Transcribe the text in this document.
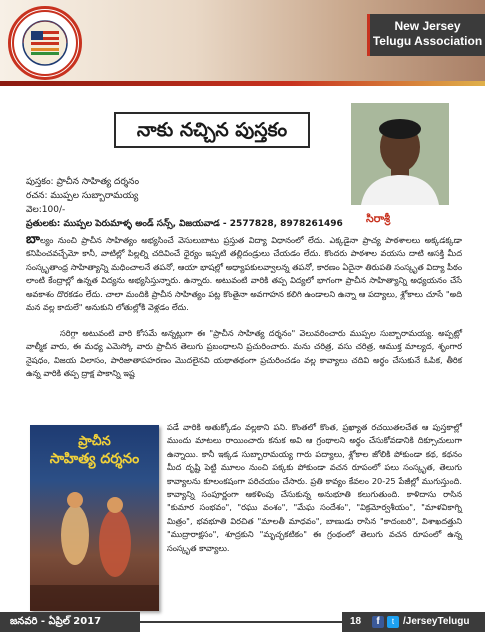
New Jersey
Telugu Association
నాకు నచ్చిన పుస్తకం
పుస్తకం: ప్రాచీన సాహిత్య దర్శనం
రచన: ముప్పల సుబ్బారామయ్య
వెల:100/-
ప్రతులకు: ముప్పల పెరుమాళ్ళ అండ్ సన్స్, విజయవాడ - 2577828, 8978261496 సిరాశ్రీ
బాల్యం నుంచి ప్రాచీన సాహిత్యం అభ్యసించే వెసులుబాటు ప్రస్తుత విద్యా విధానంలో లేదు. ఎక్కడైనా ప్రాచ్య పాఠశాలలు అక్కడక్కడా కనిపించవచ్చేమో కానీ, వాటిల్లో పిల్లల్ని చదివించే ధైర్యం ఇప్పటి తల్లిదండ్రులు చేయడం లేదు. కొందరు పాఠశాల వయసు దాటి ఆసక్తి మీద సంస్కృతాంధ్ర సాహిత్యాన్ని మధించాలనే తపనో, ఆయా భాషల్లో అధ్యాపకులవ్వాలన్న తపనో, కారణం ఏదైనా తిరుపతి సంస్కృత విద్యా పీఠం లాంటి కేంద్రాల్లో ఉన్నత విద్యను అభ్యసిస్తున్నారు. ఉన్నారు. అటువంటి వారికి తప్ప విద్యలో భాగంగా ప్రాచీన సాహిత్యాన్ని అధ్యయనం చేసే అవకాశం దొరకడం లేదు. చాలా మందికి ప్రాచీన సాహిత్యం పట్ల కొంతైనా అవగాహన కలిగి ఉండాలని ఉన్నా ఆ పద్యాలు, శ్లోకాలు చూసే "అది మన వల్ల కాదులే" అనుకుని లోతుల్లోకి వెళ్లడం లేదు.
సరిగ్గా అటువంటి వారి కోసమే అన్నట్లుగా ఈ "ప్రాచీన సాహిత్య దర్శనం" వెలువరించారు ముప్పల సుబ్బారామయ్య. అప్పట్లో వాల్మీక వారు, ఈ మధ్య ఎమెస్కో వారు ప్రాచీన తెలుగు ప్రబంధాలని ప్రచురించారు. మను చరిత్ర, వసు చరిత్ర, ఆముక్త మాల్యద, శృంగార నైషధం, విజయ విలాసం, పారిజాతాపహరణం మొదలైనవి యథాతథంగా ప్రచురించడం వల్ల కావ్యాలు చదివి అర్థం చేసుకునే ఓపిక, తీరిక ఉన్న వారికి తప్ప ద్రాక్ష పాకాన్ని ఇష్ట
ప్రాచీన
సాహిత్య దర్శనం
పడే వారికి అతుక్కోడం వల్లకాని పని. కొంతలో కొంత, ప్రఖ్యాత రచయితలచేత ఆ పుస్తకాల్లో ముందు మాటలు రాయించారు కనుక అవి ఆ గ్రంథాలని అర్థం చేసుకోవడానికి దిక్సూచులుగా ఉన్నాయి. కానీ ఇక్కడ సుబ్బారామయ్య గారు పద్యాలు, శ్లోకాల జోలికి పోకుండా కథ, కథనం మీద దృష్టి పెట్టి మూలం నుంచి పక్కకు పోకుండా వచన రూపంలో పలు సంస్కృత, తెలుగు కావ్యాలను కూలంకషంగా పరిచయం చేసారు. ప్రతి కావ్యం కేవలం 20-25 పేజీల్లో ముగుస్తుంది. కావ్యాన్ని సంపూర్ణంగా ఆకళింపు చేసుకున్న అనుభూతి కలుగుతుంది. కాళిదాసు రాసిన "కుమార సంభవం", "రఘు వంశం", "మేఘ సందేశం", "విక్రమోర్వశీయం", "మాళవికాగ్ని మిత్రం", భవభూతి విరచిత "మాలతీ మాధవం", బాణుడు రాసిన "కాదంబరి", విశాఖదత్తుని "ముద్రారాక్షసం", శూద్రకుని "మృచ్ఛకటికం" ఈ గ్రంథంలో తెలుగు వచన రూపంలో ఉన్న సంస్కృత కావ్యాలు.
జనవరి - ఏప్రిల్ 2017	18	f	t /JerseyTelugu
